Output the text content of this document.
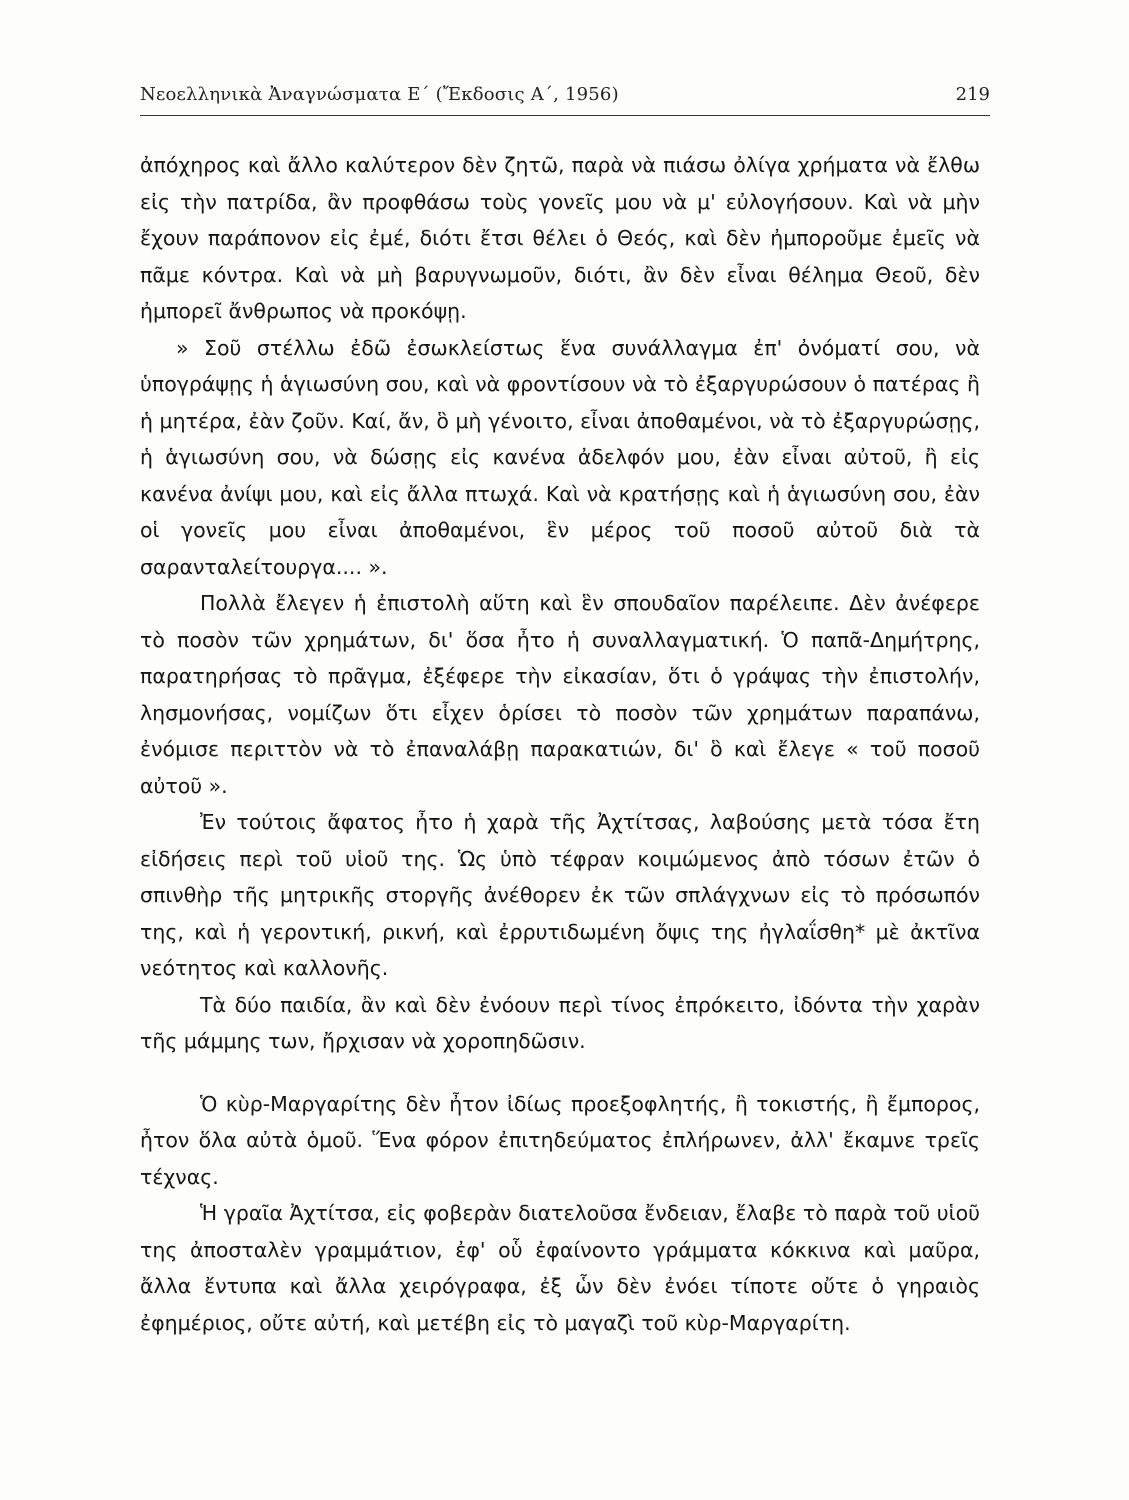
Νεοελληνικὰ Ἀναγνώσματα Ε΄ (Ἔκδοσις Α΄, 1956)	219

ἀπόχηρος καὶ ἄλλο καλύτερον δὲν ζητῶ, παρὰ νὰ πιάσω ὀλίγα χρήματα νὰ ἔλθω εἰς τὴν πατρίδα, ἂν προφθάσω τοὺς γονεῖς μου νὰ μ' εὐλογήσουν. Καὶ νὰ μὴν ἔχουν παράπονον εἰς ἐμέ, διότι ἔτσι θέλει ὁ Θεός, καὶ δὲν ἠμποροῦμε ἐμεῖς νὰ πᾶμε κόντρα. Καὶ νὰ μὴ βαρυγνωμοῦν, διότι, ἂν δὲν εἶναι θέλημα Θεοῦ, δὲν ἠμπορεῖ ἄνθρωπος νὰ προκόψῃ.

» Σοῦ στέλλω ἐδῶ ἐσωκλείστως ἕνα συνάλλαγμα ἐπ' ὀνόματί σου, νὰ ὑπογράψῃς ἡ ἁγιωσύνη σου, καὶ νὰ φροντίσουν νὰ τὸ ἐξαργυρώσουν ὁ πατέρας ἢ ἡ μητέρα, ἐὰν ζοῦν. Καί, ἄν, ὃ μὴ γένοιτο, εἶναι ἀποθαμένοι, νὰ τὸ ἐξαργυρώσῃς, ἡ ἁγιωσύνη σου, νὰ δώσῃς εἰς κανένα ἀδελφόν μου, ἐὰν εἶναι αὐτοῦ, ἢ εἰς κανένα ἀνίψι μου, καὶ εἰς ἄλλα πτωχά. Καὶ νὰ κρατήσῃς καὶ ἡ ἁγιωσύνη σου, ἐὰν οἱ γονεῖς μου εἶναι ἀποθαμένοι, ἓν μέρος τοῦ ποσοῦ αὐτοῦ διὰ τὰ σαρανταλείτουργα.... ».

Πολλὰ ἔλεγεν ἡ ἐπιστολὴ αὕτη καὶ ἓν σπουδαῖον παρέλειπε. Δὲν ἀνέφερε τὸ ποσὸν τῶν χρημάτων, δι' ὅσα ἦτο ἡ συναλλαγματική. Ὁ παπᾶ-Δημήτρης, παρατηρήσας τὸ πρᾶγμα, ἐξέφερε τὴν εἰκασίαν, ὅτι ὁ γράψας τὴν ἐπιστολήν, λησμονήσας, νομίζων ὅτι εἶχεν ὁρίσει τὸ ποσὸν τῶν χρημάτων παραπάνω, ἐνόμισε περιττὸν νὰ τὸ ἐπαναλάβῃ παρακατιών, δι' ὃ καὶ ἔλεγε « τοῦ ποσοῦ αὐτοῦ ».

Ἐν τούτοις ἄφατος ἦτο ἡ χαρὰ τῆς Ἀχτίτσας, λαβούσης μετὰ τόσα ἔτη εἰδήσεις περὶ τοῦ υἱοῦ της. Ὡς ὑπὸ τέφραν κοιμώμενος ἀπὸ τόσων ἐτῶν ὁ σπινθὴρ τῆς μητρικῆς στοργῆς ἀνέθορεν ἐκ τῶν σπλάγχνων εἰς τὸ πρόσωπόν της, καὶ ἡ γεροντική, ρικνή, καὶ ἐρρυτιδωμένη ὄψις της ἠγλαΐσθη* μὲ ἀκτῖνα νεότητος καὶ καλλονῆς.

Τὰ δύο παιδία, ἂν καὶ δὲν ἐνόουν περὶ τίνος ἐπρόκειτο, ἰδόντα τὴν χαρὰν τῆς μάμμης των, ἤρχισαν νὰ χοροπηδῶσιν.

Ὁ κὺρ-Μαργαρίτης δὲν ἦτον ἰδίως προεξοφλητής, ἢ τοκιστής, ἢ ἔμπορος, ἦτον ὅλα αὐτὰ ὁμοῦ. Ἕνα φόρον ἐπιτηδεύματος ἐπλήρωνεν, ἀλλ' ἔκαμνε τρεῖς τέχνας.

Ἡ γραῖα Ἀχτίτσα, εἰς φοβερὰν διατελοῦσα ἔνδειαν, ἔλαβε τὸ παρὰ τοῦ υἱοῦ της ἀποσταλὲν γραμμάτιον, ἐφ' οὗ ἐφαίνοντο γράμματα κόκκινα καὶ μαῦρα, ἄλλα ἔντυπα καὶ ἄλλα χειρόγραφα, ἐξ ὧν δὲν ἐνόει τίποτε οὔτε ὁ γηραιὸς ἐφημέριος, οὔτε αὐτή, καὶ μετέβη εἰς τὸ μαγαζὶ τοῦ κὺρ-Μαργαρίτη.
